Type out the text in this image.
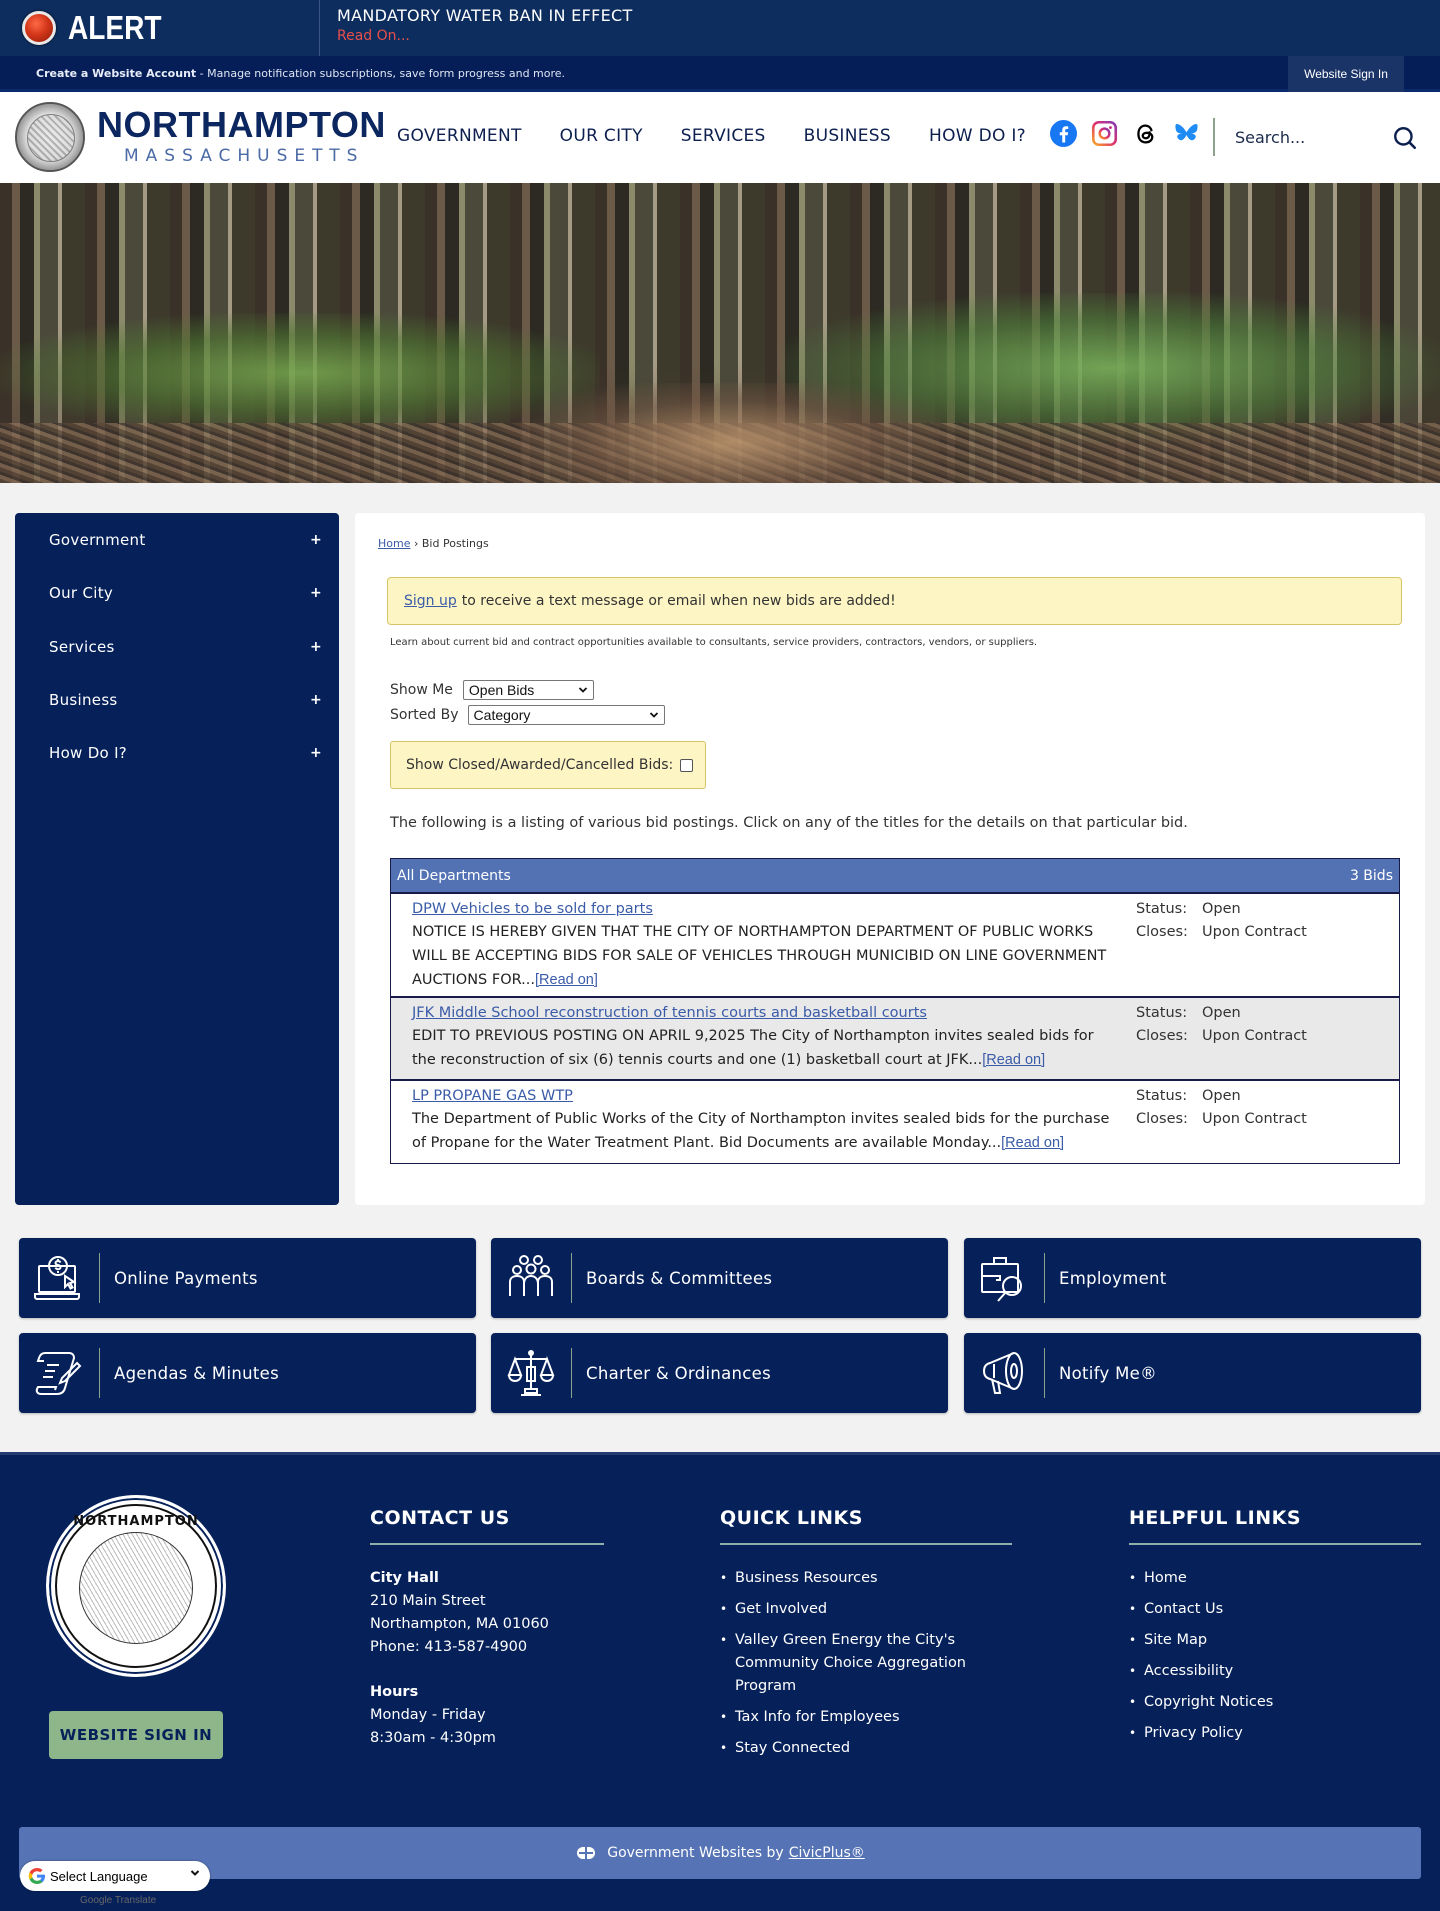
ALERT	MANDATORY WATER BAN IN EFFECT
Read On...
Create a Website Account - Manage notification subscriptions, save form progress and more.	Website Sign In
NORTHAMPTON
MASSACHUSETTS
GOVERNMENT OUR CITY SERVICES BUSINESS HOW DO I?	Search...
Government	+
Our City	+
Services	+
Business	+
How Do I?	+
Home › Bid Postings
Sign up to receive a text message or email when new bids are added!
Learn about current bid and contract opportunities available to consultants, service providers, contractors, vendors, or suppliers.
Show Me Open Bids
Sorted By Category
Show Closed/Awarded/Cancelled Bids:
The following is a listing of various bid postings. Click on any of the titles for the details on that particular bid.
All Departments	3 Bids
DPW Vehicles to be sold for parts
NOTICE IS HEREBY GIVEN THAT THE CITY OF NORTHAMPTON DEPARTMENT OF PUBLIC WORKS WILL BE ACCEPTING BIDS FOR SALE OF VEHICLES THROUGH MUNICIBID ON LINE GOVERNMENT AUCTIONS FOR...[Read on]
Status: Open
Closes: Upon Contract
JFK Middle School reconstruction of tennis courts and basketball courts
EDIT TO PREVIOUS POSTING ON APRIL 9,2025 The City of Northampton invites sealed bids for the reconstruction of six (6) tennis courts and one (1) basketball court at JFK...[Read on]
Status: Open
Closes: Upon Contract
LP PROPANE GAS WTP
The Department of Public Works of the City of Northampton invites sealed bids for the purchase of Propane for the Water Treatment Plant. Bid Documents are available Monday...[Read on]
Status: Open
Closes: Upon Contract
Online Payments	Boards & Committees	Employment
Agendas & Minutes	Charter & Ordinances	Notify Me®
NORTHAMPTON
WEBSITE SIGN IN
CONTACT US
City Hall
210 Main Street
Northampton, MA 01060
Phone: 413-587-4900
Hours
Monday - Friday
8:30am - 4:30pm
QUICK LINKS
• Business Resources
• Get Involved
• Valley Green Energy the City's Community Choice Aggregation Program
• Tax Info for Employees
• Stay Connected
HELPFUL LINKS
• Home
• Contact Us
• Site Map
• Accessibility
• Copyright Notices
• Privacy Policy
Government Websites by CivicPlus®
Select Language
Google Translate
